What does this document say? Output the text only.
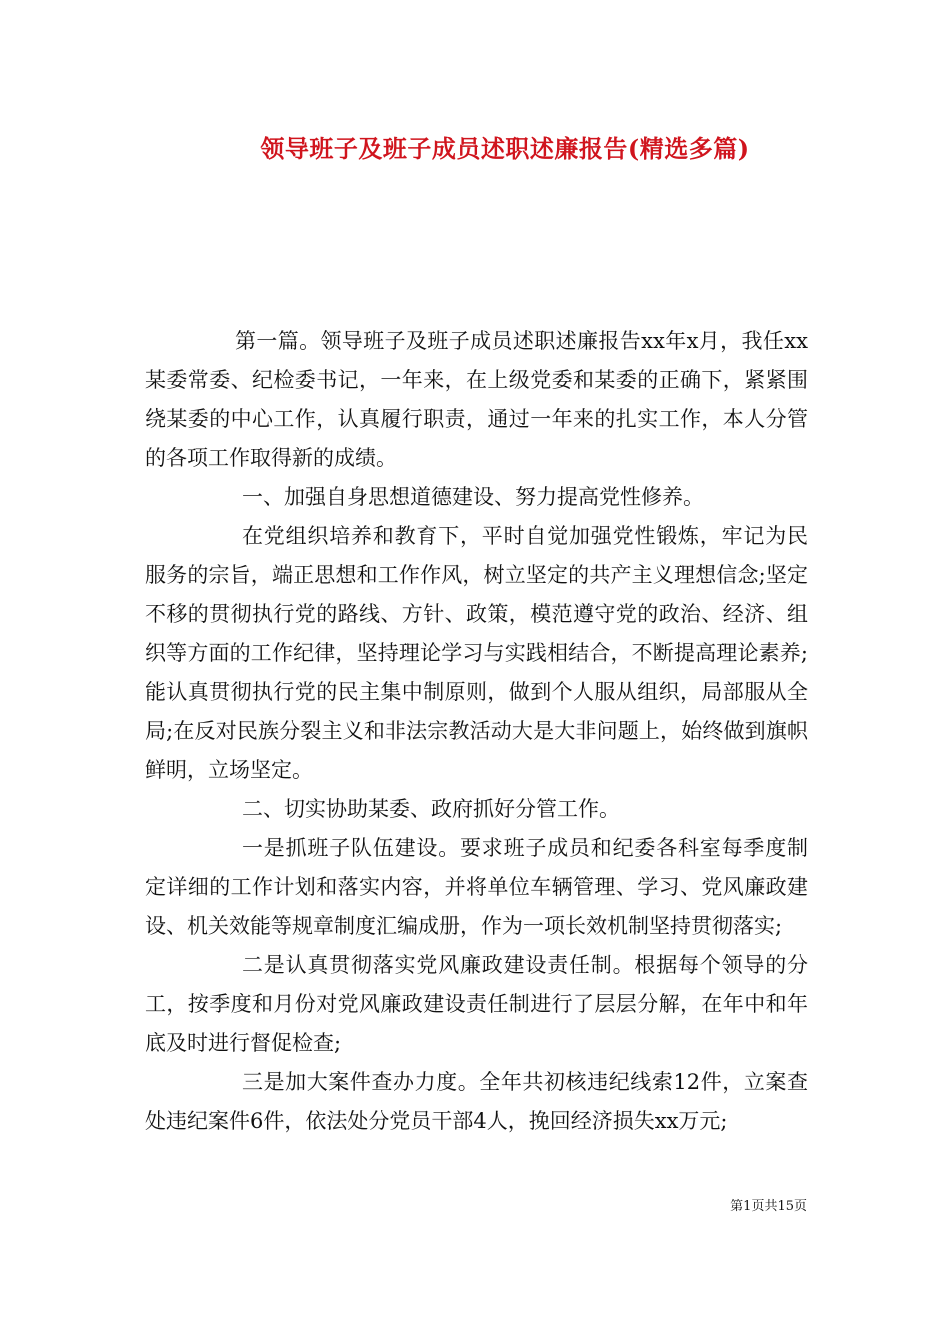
领导班子及班子成员述职述廉报告(精选多篇)

第一篇。领导班子及班子成员述职述廉报告xx年x月，我任xx某委常委、纪检委书记，一年来，在上级党委和某委的正确下，紧紧围绕某委的中心工作，认真履行职责，通过一年来的扎实工作，本人分管的各项工作取得新的成绩。

一、加强自身思想道德建设、努力提高党性修养。

在党组织培养和教育下，平时自觉加强党性锻炼，牢记为民服务的宗旨，端正思想和工作作风，树立坚定的共产主义理想信念;坚定不移的贯彻执行党的路线、方针、政策，模范遵守党的政治、经济、组织等方面的工作纪律，坚持理论学习与实践相结合，不断提高理论素养;能认真贯彻执行党的民主集中制原则，做到个人服从组织，局部服从全局;在反对民族分裂主义和非法宗教活动大是大非问题上，始终做到旗帜鲜明，立场坚定。

二、切实协助某委、政府抓好分管工作。

一是抓班子队伍建设。要求班子成员和纪委各科室每季度制定详细的工作计划和落实内容，并将单位车辆管理、学习、党风廉政建设、机关效能等规章制度汇编成册，作为一项长效机制坚持贯彻落实;

二是认真贯彻落实党风廉政建设责任制。根据每个领导的分工，按季度和月份对党风廉政建设责任制进行了层层分解，在年中和年底及时进行督促检查;

三是加大案件查办力度。全年共初核违纪线索12件，立案查处违纪案件6件，依法处分党员干部4人，挽回经济损失xx万元;

第1页共15页
